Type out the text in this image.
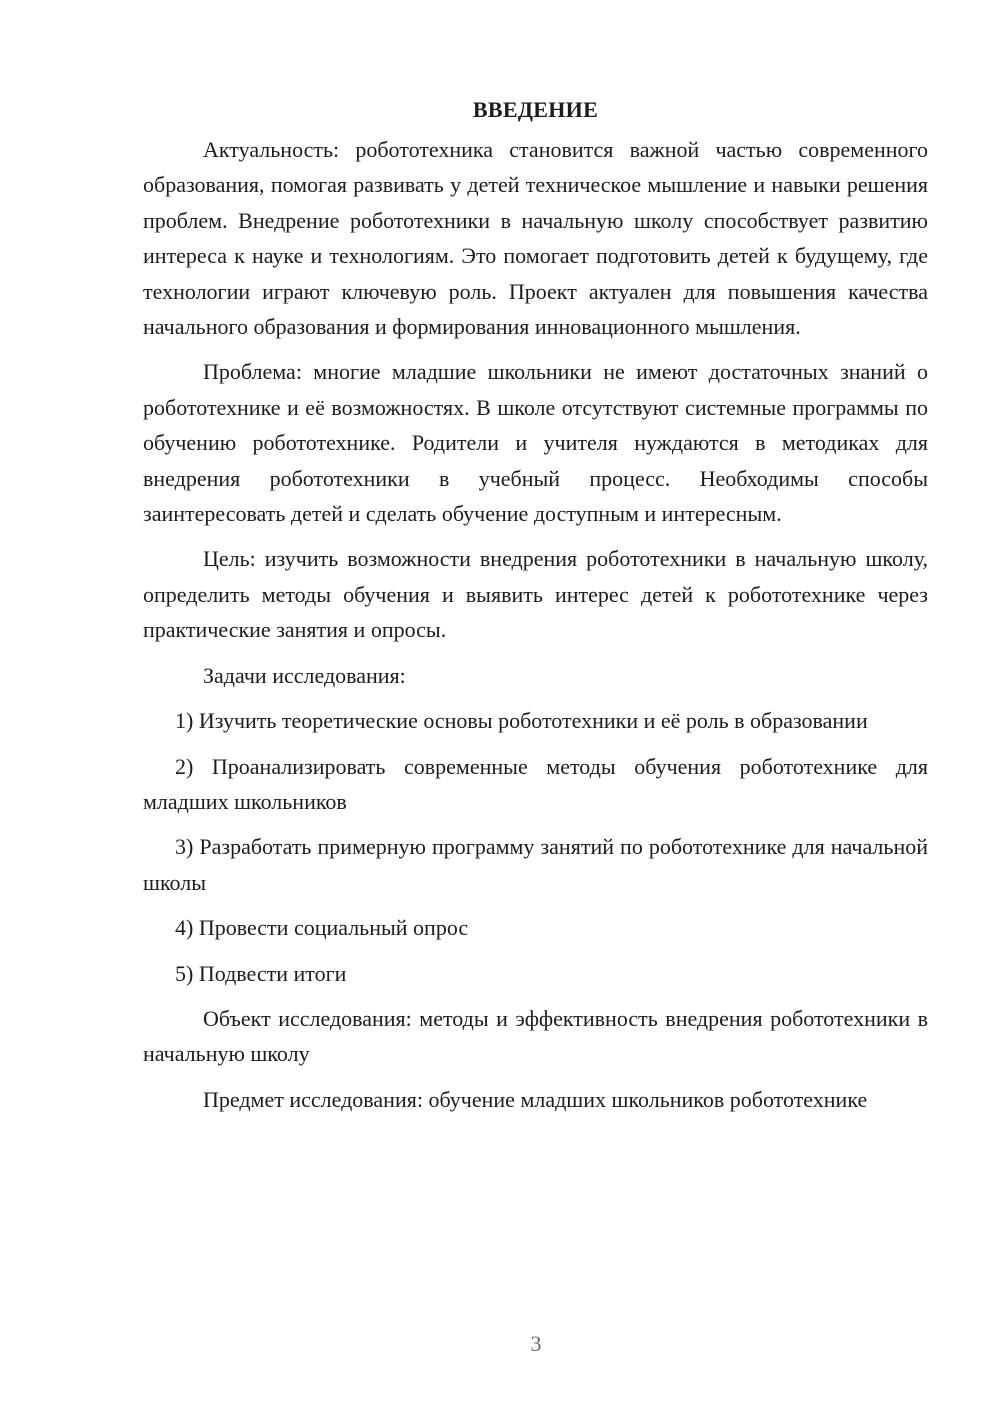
ВВЕДЕНИЕ

Актуальность: робототехника становится важной частью современного образования, помогая развивать у детей техническое мышление и навыки решения проблем. Внедрение робототехники в начальную школу способствует развитию интереса к науке и технологиям. Это помогает подготовить детей к будущему, где технологии играют ключевую роль. Проект актуален для повышения качества начального образования и формирования инновационного мышления.

Проблема: многие младшие школьники не имеют достаточных знаний о робототехнике и её возможностях. В школе отсутствуют системные программы по обучению робототехнике. Родители и учителя нуждаются в методиках для внедрения робототехники в учебный процесс. Необходимы способы заинтересовать детей и сделать обучение доступным и интересным.

Цель: изучить возможности внедрения робототехники в начальную школу, определить методы обучения и выявить интерес детей к робототехнике через практические занятия и опросы.

Задачи исследования:

1) Изучить теоретические основы робототехники и её роль в образовании

2) Проанализировать современные методы обучения робототехнике для младших школьников

3) Разработать примерную программу занятий по робототехнике для начальной школы

4) Провести социальный опрос

5) Подвести итоги

Объект исследования: методы и эффективность внедрения робототехники в начальную школу

Предмет исследования: обучение младших школьников робототехнике

3
